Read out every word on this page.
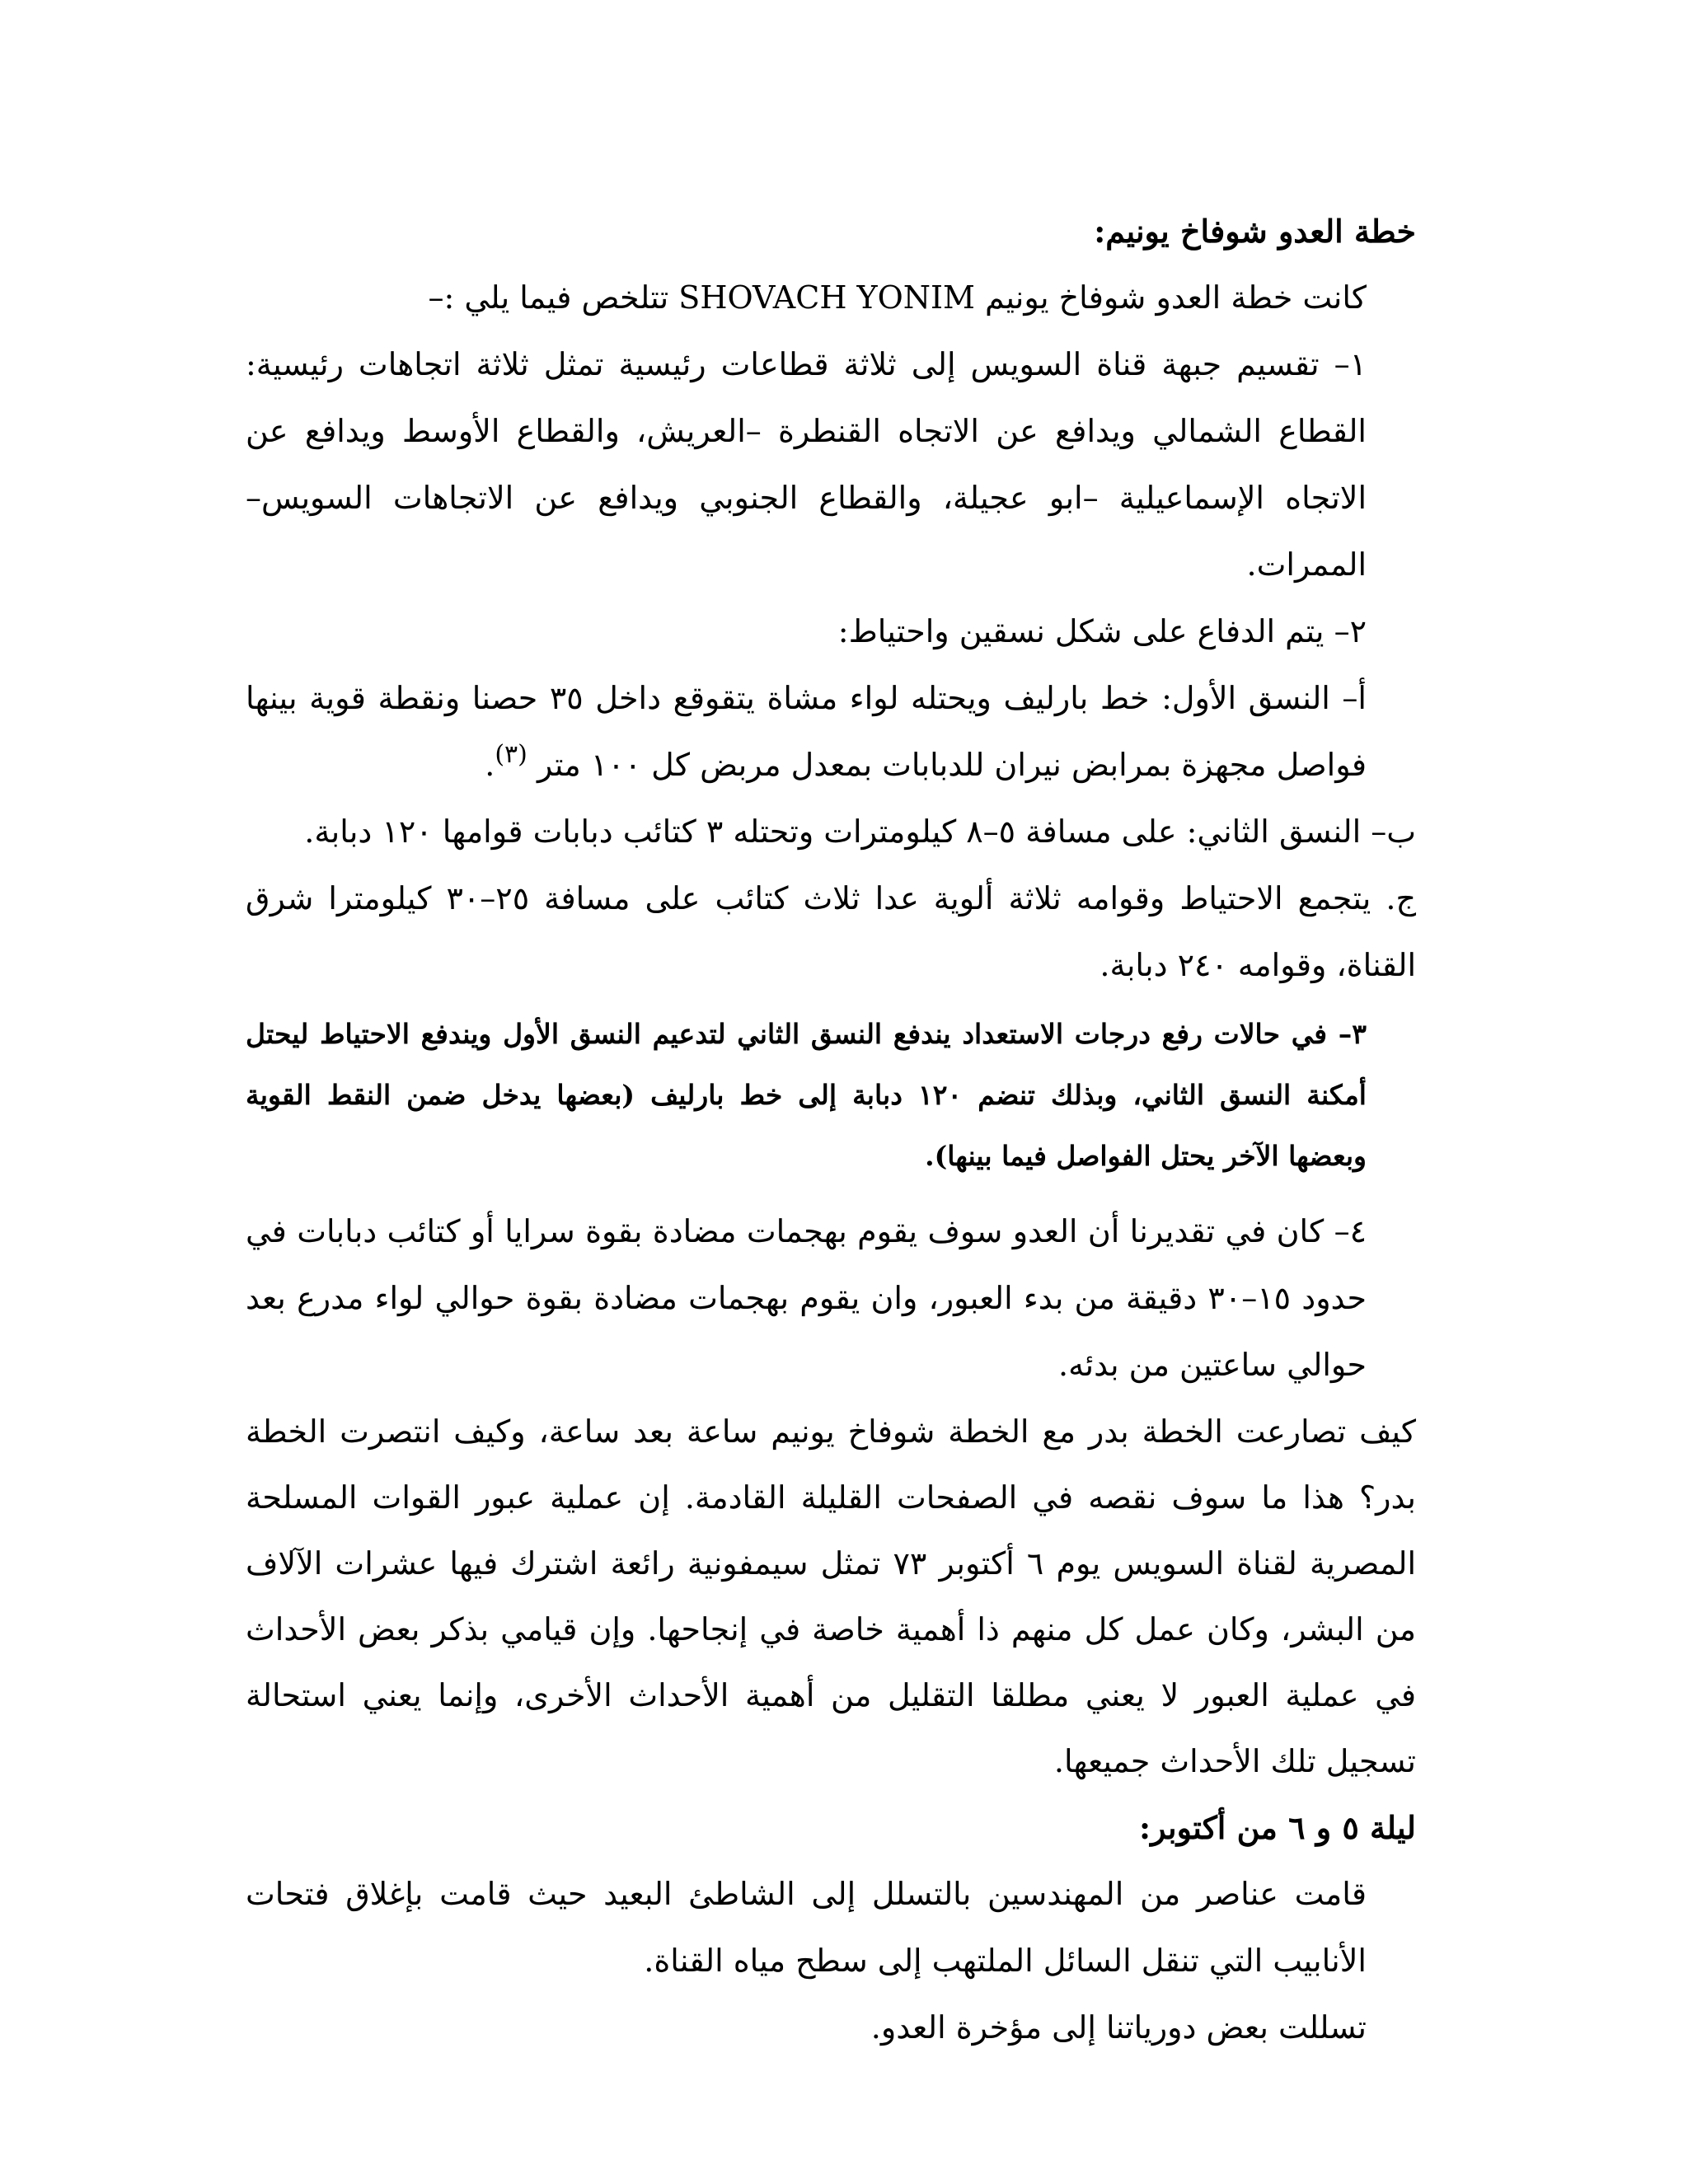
خطة العدو شوفاخ يونيم:

كانت خطة العدو شوفاخ يونيم SHOVACH YONIM تتلخص فيما يلي :–

١– تقسيم جبهة قناة السويس إلى ثلاثة قطاعات رئيسية تمثل ثلاثة اتجاهات رئيسية: القطاع الشمالي ويدافع عن الاتجاه القنطرة –العريش، والقطاع الأوسط ويدافع عن الاتجاه الإسماعيلية –ابو عجيلة، والقطاع الجنوبي ويدافع عن الاتجاهات السويس– الممرات.

٢– يتم الدفاع على شكل نسقين واحتياط:

أ– النسق الأول: خط بارليف ويحتله لواء مشاة يتقوقع داخل ٣٥ حصنا ونقطة قوية بينها فواصل مجهزة بمرابض نيران للدبابات بمعدل مربض كل ١٠٠ متر (٣).

ب– النسق الثاني: على مسافة ٥–٨ كيلومترات وتحتله ٣ كتائب دبابات قوامها ١٢٠ دبابة.

ج. يتجمع الاحتياط وقوامه ثلاثة ألوية عدا ثلاث كتائب على مسافة ٢٥–٣٠ كيلومترا شرق القناة، وقوامه ٢٤٠ دبابة.

٣– في حالات رفع درجات الاستعداد يندفع النسق الثاني لتدعيم النسق الأول ويندفع الاحتياط ليحتل أمكنة النسق الثاني، وبذلك تنضم ١٢٠ دبابة إلى خط بارليف (بعضها يدخل ضمن النقط القوية وبعضها الآخر يحتل الفواصل فيما بينها).

٤– كان في تقديرنا أن العدو سوف يقوم بهجمات مضادة بقوة سرايا أو كتائب دبابات في حدود ١٥–٣٠ دقيقة من بدء العبور، وان يقوم بهجمات مضادة بقوة حوالي لواء مدرع بعد حوالي ساعتين من بدئه.

كيف تصارعت الخطة بدر مع الخطة شوفاخ يونيم ساعة بعد ساعة، وكيف انتصرت الخطة بدر؟ هذا ما سوف نقصه في الصفحات القليلة القادمة. إن عملية عبور القوات المسلحة المصرية لقناة السويس يوم ٦ أكتوبر ٧٣ تمثل سيمفونية رائعة اشترك فيها عشرات الآلاف من البشر، وكان عمل كل منهم ذا أهمية خاصة في إنجاحها. وإن قيامي بذكر بعض الأحداث في عملية العبور لا يعني مطلقا التقليل من أهمية الأحداث الأخرى، وإنما يعني استحالة تسجيل تلك الأحداث جميعها.

ليلة ٥ و ٦ من أكتوبر:

قامت عناصر من المهندسين بالتسلل إلى الشاطئ البعيد حيث قامت بإغلاق فتحات الأنابيب التي تنقل السائل الملتهب إلى سطح مياه القناة.

تسللت بعض دورياتنا إلى مؤخرة العدو.
